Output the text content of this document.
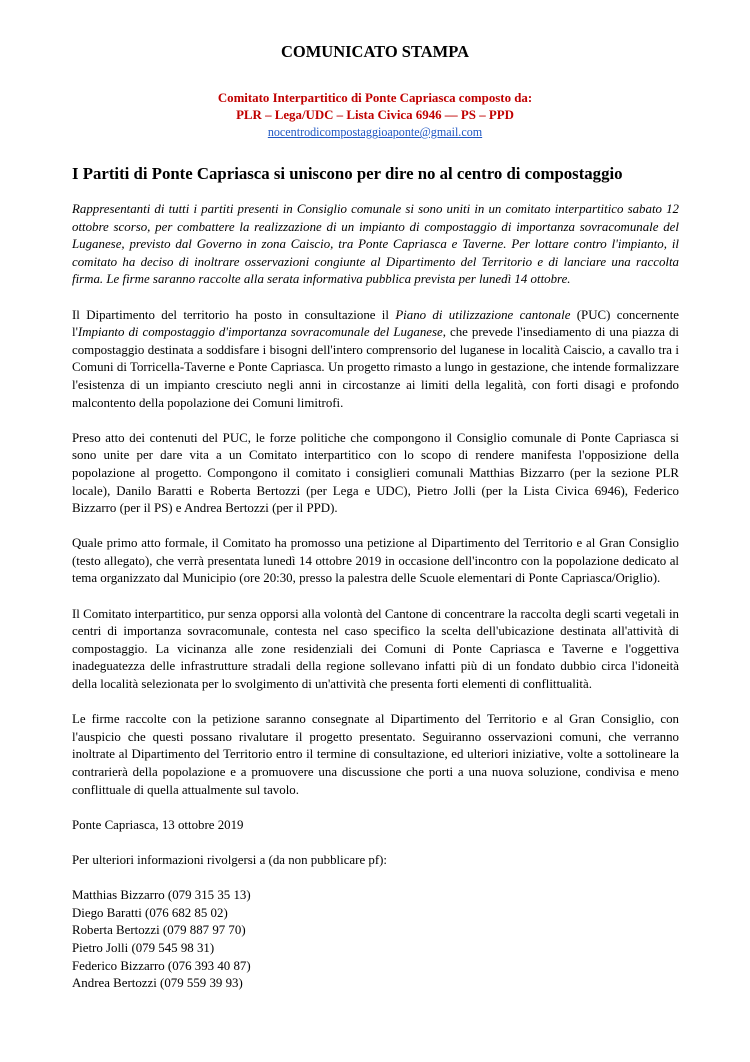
COMUNICATO STAMPA
Comitato Interpartitico di Ponte Capriasca composto da:
PLR – Lega/UDC – Lista Civica 6946 — PS – PPD
nocentrodicompostaggioaponte@gmail.com
I Partiti di Ponte Capriasca si uniscono per dire no al centro di compostaggio

Rappresentanti di tutti i partiti presenti in Consiglio comunale si sono uniti in un comitato interpartitico sabato 12 ottobre scorso, per combattere la realizzazione di un impianto di compostaggio di importanza sovracomunale del Luganese, previsto dal Governo in zona Caiscio, tra Ponte Capriasca e Taverne. Per lottare contro l'impianto, il comitato ha deciso di inoltrare osservazioni congiunte al Dipartimento del Territorio e di lanciare una raccolta firma. Le firme saranno raccolte alla serata informativa pubblica prevista per lunedì 14 ottobre.

Il Dipartimento del territorio ha posto in consultazione il Piano di utilizzazione cantonale (PUC) concernente l'Impianto di compostaggio d'importanza sovracomunale del Luganese, che prevede l'insediamento di una piazza di compostaggio destinata a soddisfare i bisogni dell'intero comprensorio del luganese in località Caiscio, a cavallo tra i Comuni di Torricella-Taverne e Ponte Capriasca. Un progetto rimasto a lungo in gestazione, che intende formalizzare l'esistenza di un impianto cresciuto negli anni in circostanze ai limiti della legalità, con forti disagi e profondo malcontento della popolazione dei Comuni limitrofi.

Preso atto dei contenuti del PUC, le forze politiche che compongono il Consiglio comunale di Ponte Capriasca si sono unite per dare vita a un Comitato interpartitico con lo scopo di rendere manifesta l'opposizione della popolazione al progetto. Compongono il comitato i consiglieri comunali Matthias Bizzarro (per la sezione PLR locale), Danilo Baratti e Roberta Bertozzi (per Lega e UDC), Pietro Jolli (per la Lista Civica 6946), Federico Bizzarro (per il PS) e Andrea Bertozzi (per il PPD).

Quale primo atto formale, il Comitato ha promosso una petizione al Dipartimento del Territorio e al Gran Consiglio (testo allegato), che verrà presentata lunedì 14 ottobre 2019 in occasione dell'incontro con la popolazione dedicato al tema organizzato dal Municipio (ore 20:30, presso la palestra delle Scuole elementari di Ponte Capriasca/Origlio).

Il Comitato interpartitico, pur senza opporsi alla volontà del Cantone di concentrare la raccolta degli scarti vegetali in centri di importanza sovracomunale, contesta nel caso specifico la scelta dell'ubicazione destinata all'attività di compostaggio. La vicinanza alle zone residenziali dei Comuni di Ponte Capriasca e Taverne e l'oggettiva inadeguatezza delle infrastrutture stradali della regione sollevano infatti più di un fondato dubbio circa l'idoneità della località selezionata per lo svolgimento di un'attività che presenta forti elementi di conflittualità.

Le firme raccolte con la petizione saranno consegnate al Dipartimento del Territorio e al Gran Consiglio, con l'auspicio che questi possano rivalutare il progetto presentato. Seguiranno osservazioni comuni, che verranno inoltrate al Dipartimento del Territorio entro il termine di consultazione, ed ulteriori iniziative, volte a sottolineare la contrarierà della popolazione e a promuovere una discussione che porti a una nuova soluzione, condivisa e meno conflittuale di quella attualmente sul tavolo.

Ponte Capriasca, 13 ottobre 2019

Per ulteriori informazioni rivolgersi a (da non pubblicare pf):

Matthias Bizzarro (079 315 35 13)
Diego Baratti (076 682 85 02)
Roberta Bertozzi (079 887 97 70)
Pietro Jolli (079 545 98 31)
Federico Bizzarro (076 393 40 87)
Andrea Bertozzi (079 559 39 93)
